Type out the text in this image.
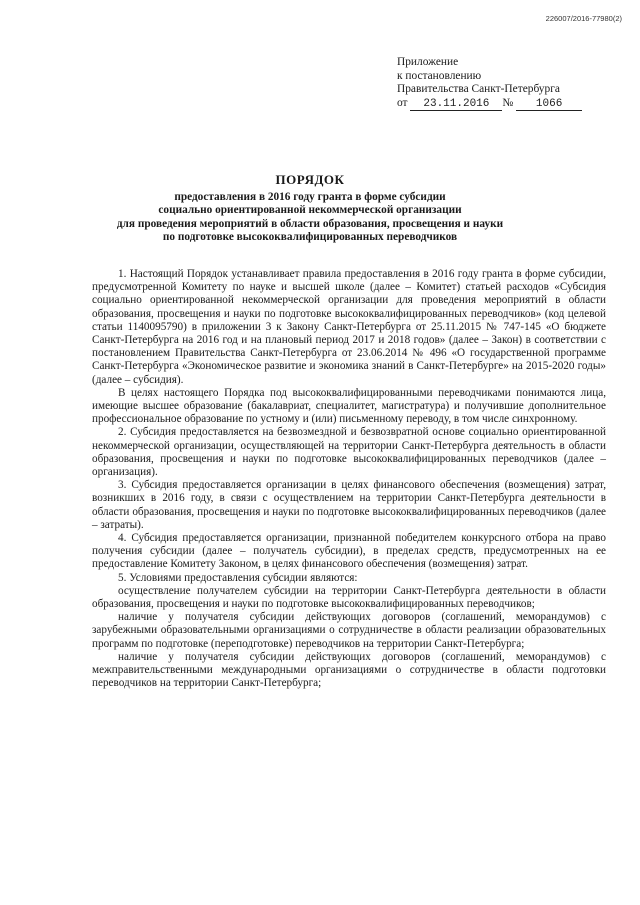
226007/2016-77980(2)
Приложение
к постановлению
Правительства Санкт-Петербурга
от 23.11.2016 № 1066
ПОРЯДОК
предоставления в 2016 году гранта в форме субсидии
социально ориентированной некоммерческой организации
для проведения мероприятий в области образования, просвещения и науки
по подготовке высококвалифицированных переводчиков

1. Настоящий Порядок устанавливает правила предоставления в 2016 году гранта в форме субсидии, предусмотренной Комитету по науке и высшей школе (далее – Комитет) статьей расходов «Субсидия социально ориентированной некоммерческой организации для проведения мероприятий в области образования, просвещения и науки по подготовке высококвалифицированных переводчиков» (код целевой статьи 1140095790) в приложении 3 к Закону Санкт-Петербурга от 25.11.2015 № 747-145 «О бюджете Санкт-Петербурга на 2016 год и на плановый период 2017 и 2018 годов» (далее – Закон) в соответствии с постановлением Правительства Санкт-Петербурга от 23.06.2014 № 496 «О государственной программе Санкт-Петербурга «Экономическое развитие и экономика знаний в Санкт-Петербурге» на 2015-2020 годы» (далее – субсидия).

В целях настоящего Порядка под высококвалифицированными переводчиками понимаются лица, имеющие высшее образование (бакалавриат, специалитет, магистратура) и получившие дополнительное профессиональное образование по устному и (или) письменному переводу, в том числе синхронному.

2. Субсидия предоставляется на безвозмездной и безвозвратной основе социально ориентированной некоммерческой организации, осуществляющей на территории Санкт-Петербурга деятельность в области образования, просвещения и науки по подготовке высококвалифицированных переводчиков (далее – организация).

3. Субсидия предоставляется организации в целях финансового обеспечения (возмещения) затрат, возникших в 2016 году, в связи с осуществлением на территории Санкт-Петербурга деятельности в области образования, просвещения и науки по подготовке высококвалифицированных переводчиков (далее – затраты).

4. Субсидия предоставляется организации, признанной победителем конкурсного отбора на право получения субсидии (далее – получатель субсидии), в пределах средств, предусмотренных на ее предоставление Комитету Законом, в целях финансового обеспечения (возмещения) затрат.

5. Условиями предоставления субсидии являются:

осуществление получателем субсидии на территории Санкт-Петербурга деятельности в области образования, просвещения и науки по подготовке высококвалифицированных переводчиков;

наличие у получателя субсидии действующих договоров (соглашений, меморандумов) с зарубежными образовательными организациями о сотрудничестве в области реализации образовательных программ по подготовке (переподготовке) переводчиков на территории Санкт-Петербурга;

наличие у получателя субсидии действующих договоров (соглашений, меморандумов) с межправительственными международными организациями о сотрудничестве в области подготовки переводчиков на территории Санкт-Петербурга;
